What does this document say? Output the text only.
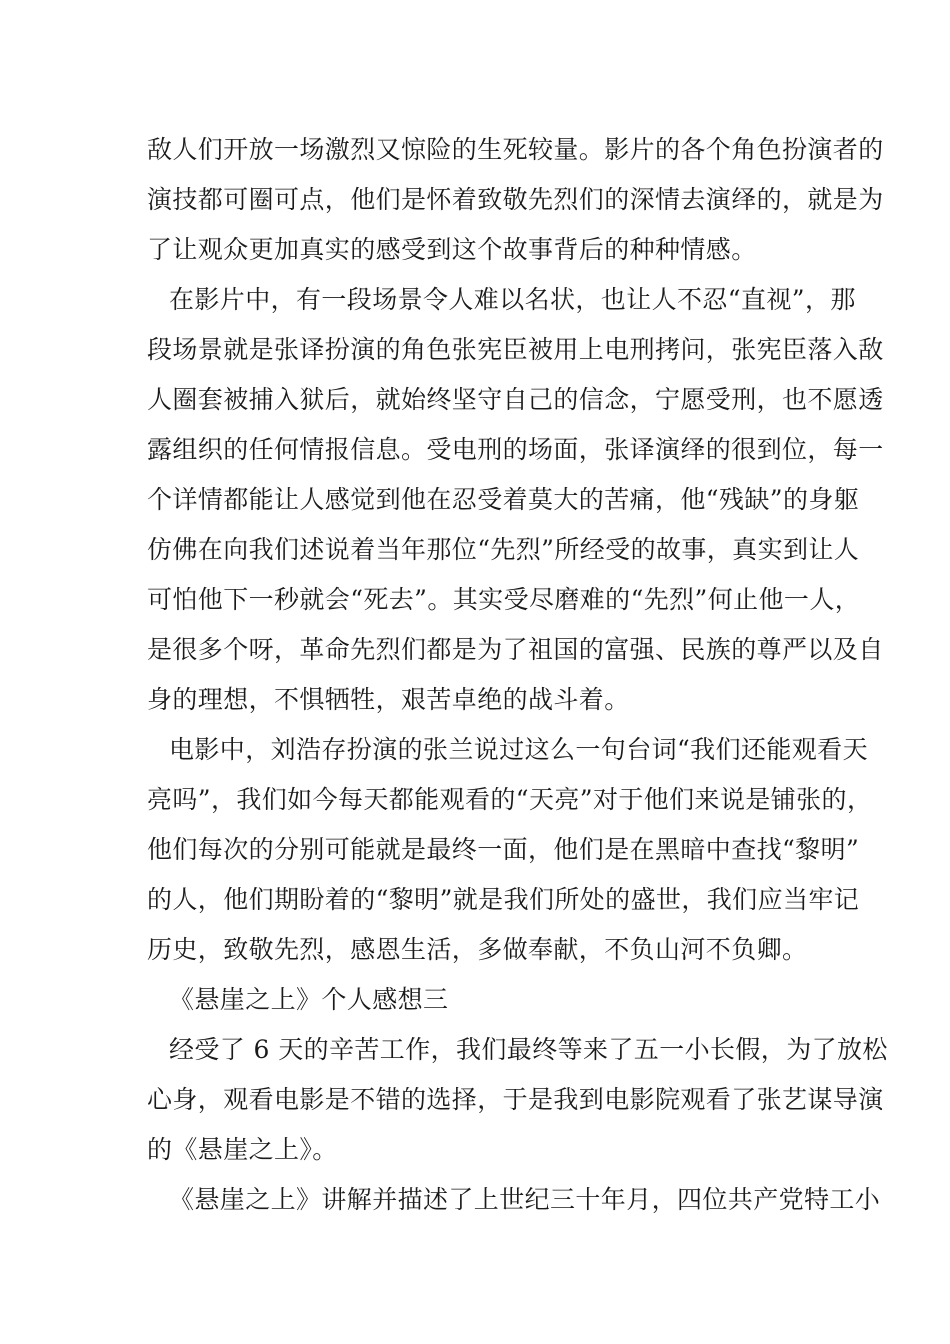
敌人们开放一场激烈又惊险的生死较量。影片的各个角色扮演者的
演技都可圈可点，他们是怀着致敬先烈们的深情去演绎的，就是为
了让观众更加真实的感受到这个故事背后的种种情感。
在影片中，有一段场景令人难以名状，也让人不忍“直视”，那
段场景就是张译扮演的角色张宪臣被用上电刑拷问，张宪臣落入敌
人圈套被捕入狱后，就始终坚守自己的信念，宁愿受刑，也不愿透
露组织的任何情报信息。受电刑的场面，张译演绎的很到位，每一
个详情都能让人感觉到他在忍受着莫大的苦痛，他“残缺”的身躯
仿佛在向我们述说着当年那位“先烈”所经受的故事，真实到让人
可怕他下一秒就会“死去”。其实受尽磨难的“先烈”何止他一人，
是很多个呀，革命先烈们都是为了祖国的富强、民族的尊严以及自
身的理想，不惧牺牲，艰苦卓绝的战斗着。
电影中，刘浩存扮演的张兰说过这么一句台词“我们还能观看天
亮吗”，我们如今每天都能观看的“天亮”对于他们来说是铺张的，
他们每次的分别可能就是最终一面，他们是在黑暗中查找“黎明”
的人，他们期盼着的“黎明”就是我们所处的盛世，我们应当牢记
历史，致敬先烈，感恩生活，多做奉献，不负山河不负卿。
《悬崖之上》个人感想三
经受了 6 天的辛苦工作，我们最终等来了五一小长假，为了放松
心身，观看电影是不错的选择，于是我到电影院观看了张艺谋导演
的《悬崖之上》。
《悬崖之上》讲解并描述了上世纪三十年月，四位共产党特工小
